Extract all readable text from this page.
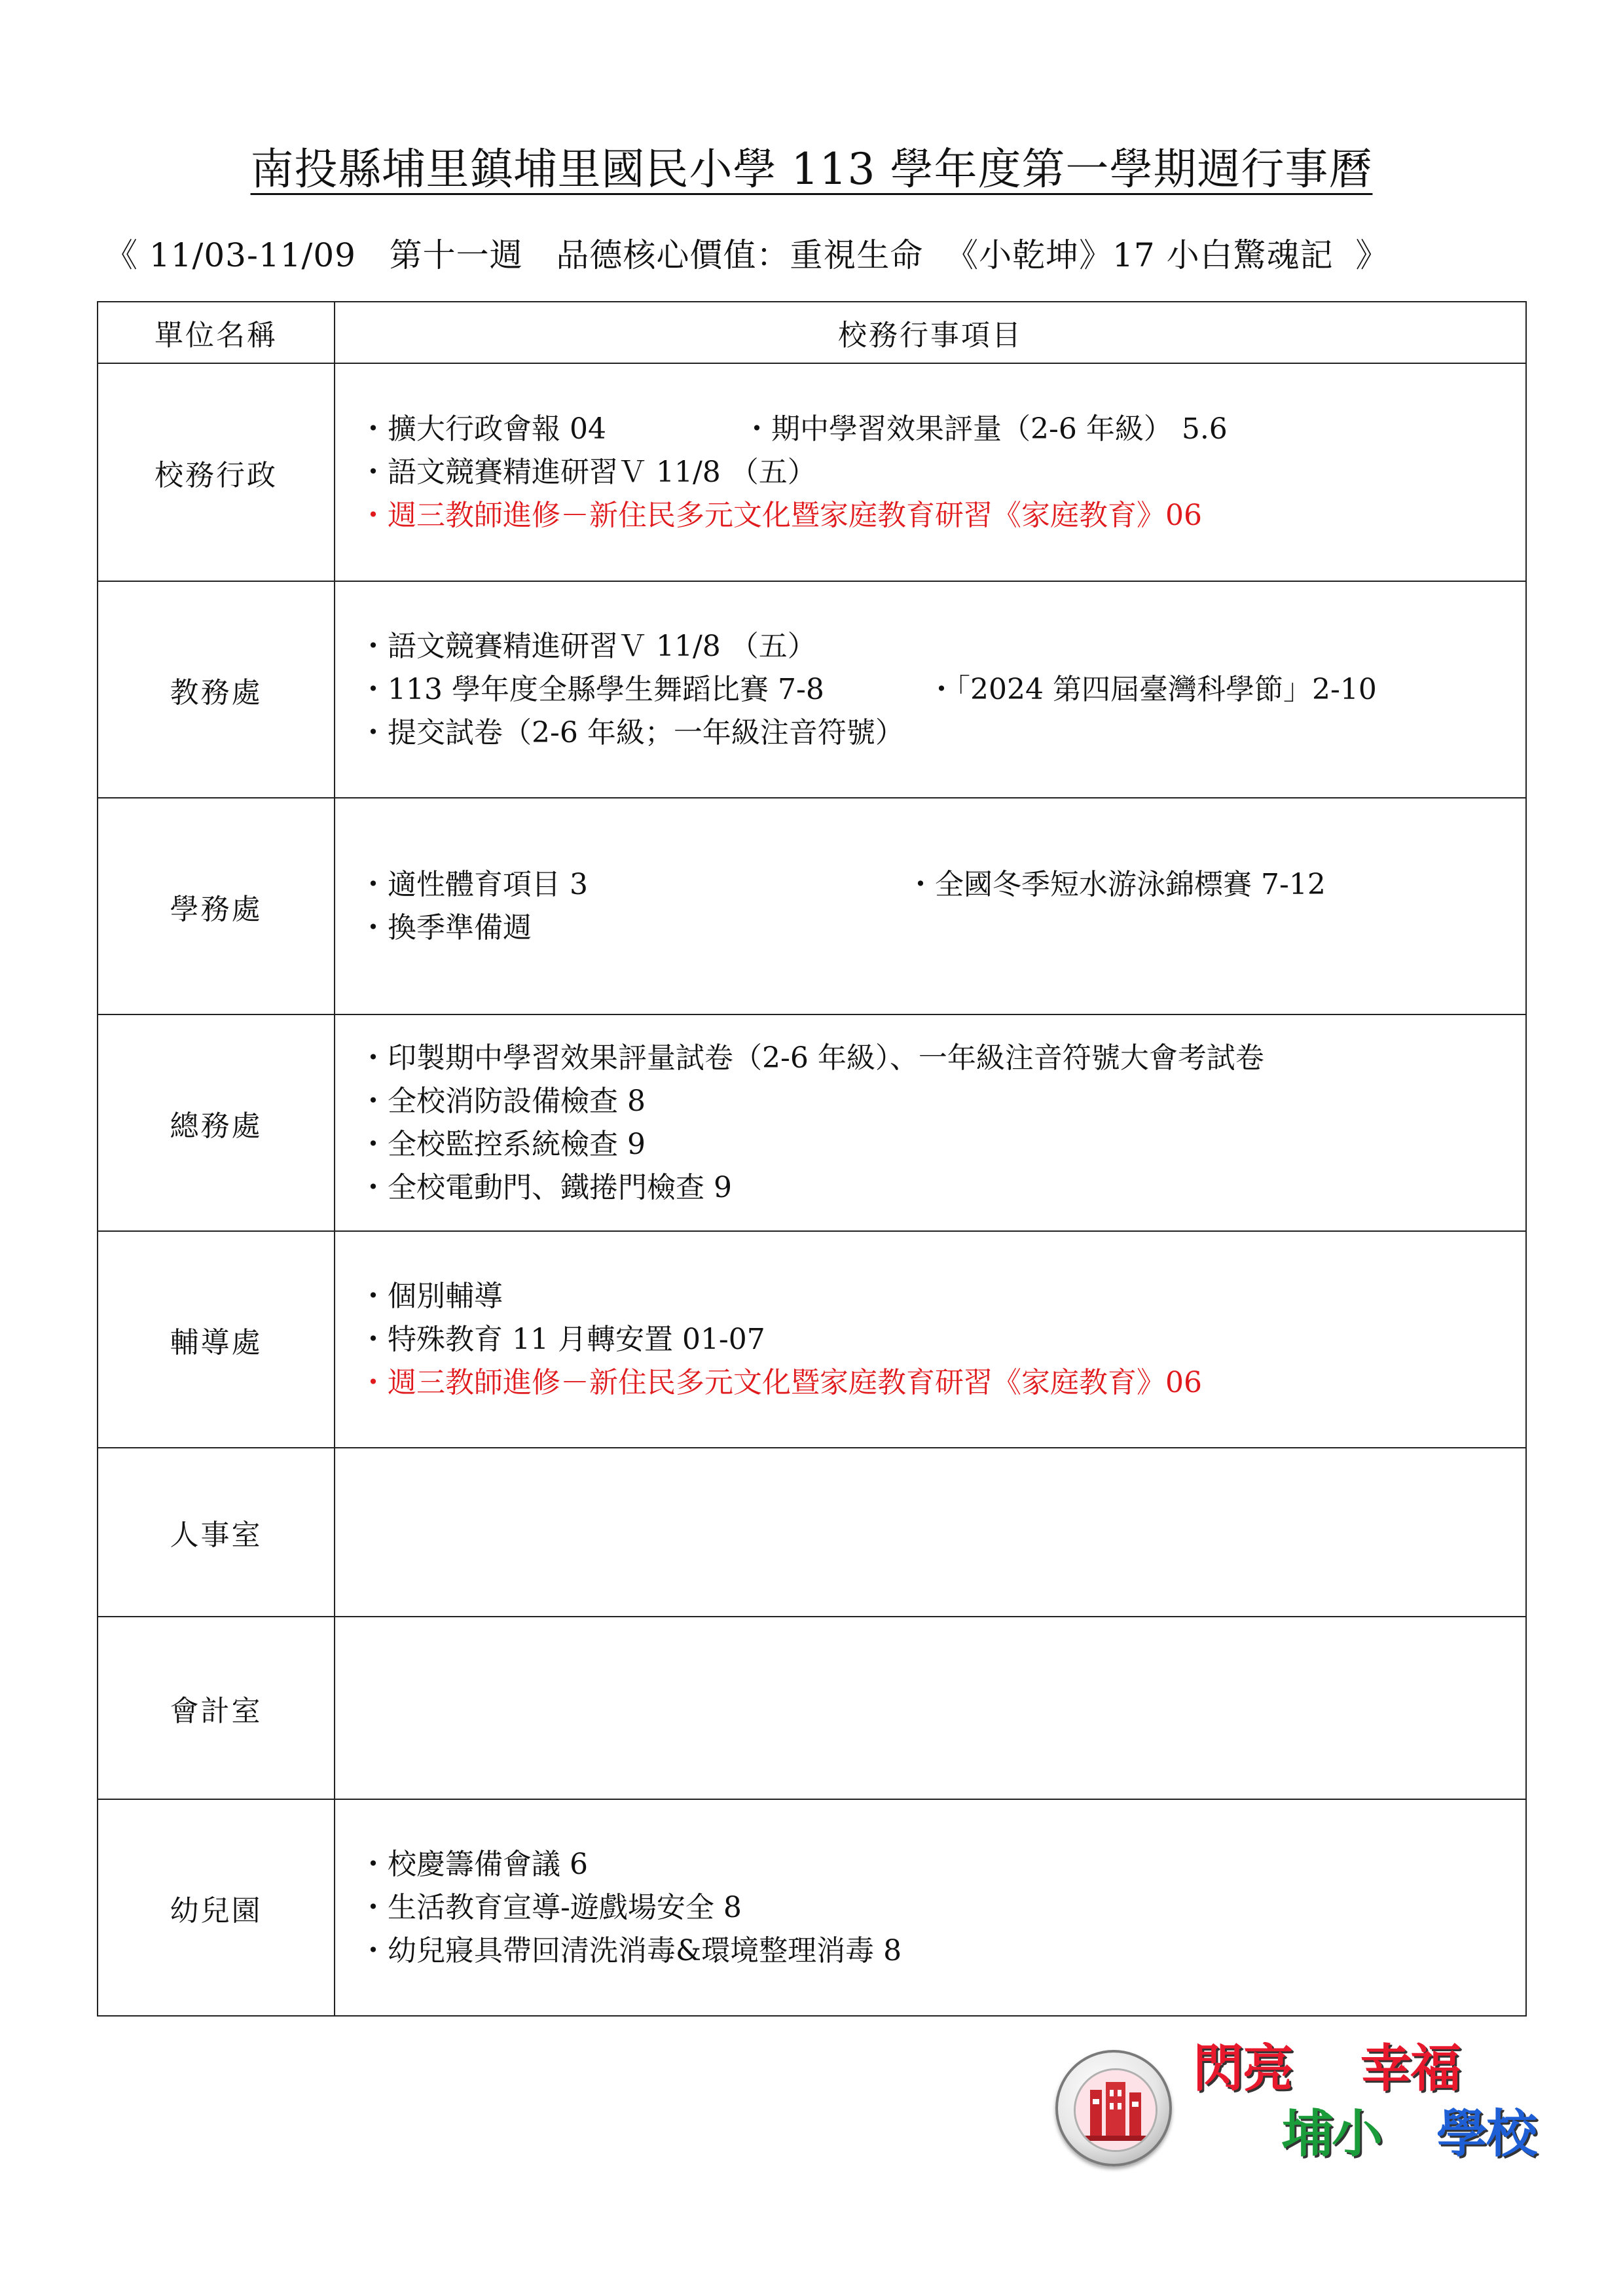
南投縣埔里鎮埔里國民小學 113 學年度第一學期週行事曆
《 11/03-11/09   第十一週   品德核心價值：重視生命  《小乾坤》17 小白驚魂記  》
單位名稱	校務行事項目
校務行政	・擴大行政會報 04 ・期中學習效果評量（2-6 年級） 5.6
・語文競賽精進研習Ｖ 11/8 （五）
・週三教師進修－新住民多元文化暨家庭教育研習《家庭教育》06

教務處	・語文競賽精進研習Ｖ 11/8 （五）
・113 學年度全縣學生舞蹈比賽 7-8 ・「2024 第四屆臺灣科學節」2-10
・提交試卷（2-6 年級；一年級注音符號）

學務處	・適性體育項目 3 ・全國冬季短水游泳錦標賽 7-12
・換季準備週

總務處	・印製期中學習效果評量試卷（2-6 年級）、一年級注音符號大會考試卷
・全校消防設備檢查 8
・全校監控系統檢查 9
・全校電動門、鐵捲門檢查 9

輔導處	・個別輔導
・特殊教育 11 月轉安置 01-07
・週三教師進修－新住民多元文化暨家庭教育研習《家庭教育》06

人事室	
會計室	
幼兒園	・校慶籌備會議 6
・生活教育宣導-遊戲場安全 8
・幼兒寢具帶回清洗消毒&環境整理消毒 8
閃亮 幸福
埔小 學校
